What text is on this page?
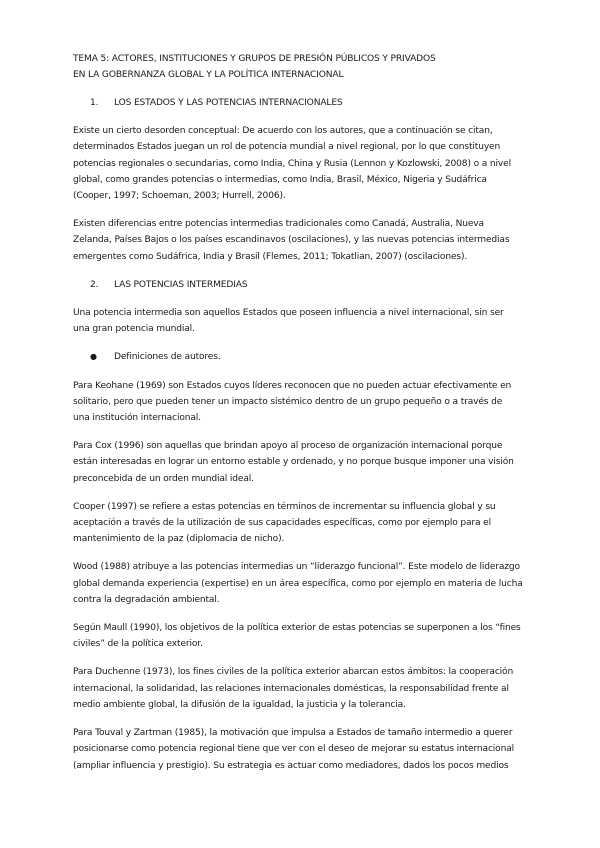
TEMA 5: ACTORES, INSTITUCIONES Y GRUPOS DE PRESIÓN PÚBLICOS Y PRIVADOS
EN LA GOBERNANZA GLOBAL Y LA POLÍTICA INTERNACIONAL
1.	LOS ESTADOS Y LAS POTENCIAS INTERNACIONALES

Existe un cierto desorden conceptual: De acuerdo con los autores, que a continuación se citan,
determinados Estados juegan un rol de potencia mundial a nivel regional, por lo que constituyen
potencias regionales o secundarias, como India, China y Rusia (Lennon y Kozlowski, 2008) o a nivel
global, como grandes potencias o intermedias, como India, Brasil, México, Nigeria y Sudáfrica
(Cooper, 1997; Schoeman, 2003; Hurrell, 2006).

Existen diferencias entre potencias intermedias tradicionales como Canadá, Australia, Nueva
Zelanda, Países Bajos o los países escandinavos (oscilaciones), y las nuevas potencias intermedias
emergentes como Sudáfrica, India y Brasil (Flemes, 2011; Tokatlian, 2007) (oscilaciones).

2.	LAS POTENCIAS INTERMEDIAS

Una potencia intermedia son aquellos Estados que poseen influencia a nivel internacional, sin ser
una gran potencia mundial.

●	Definiciones de autores.

Para Keohane (1969) son Estados cuyos líderes reconocen que no pueden actuar efectivamente en
solitario, pero que pueden tener un impacto sistémico dentro de un grupo pequeño o a través de
una institución internacional.

Para Cox (1996) son aquellas que brindan apoyo al proceso de organización internacional porque
están interesadas en lograr un entorno estable y ordenado, y no porque busque imponer una visión
preconcebida de un orden mundial ideal.

Cooper (1997) se refiere a estas potencias en términos de incrementar su influencia global y su
aceptación a través de la utilización de sus capacidades específicas, como por ejemplo para el
mantenimiento de la paz (diplomacia de nicho).

Wood (1988) atribuye a las potencias intermedias un “liderazgo funcional”. Este modelo de liderazgo
global demanda experiencia (expertise) en un área específica, como por ejemplo en materia de lucha
contra la degradación ambiental.

Según Maull (1990), los objetivos de la política exterior de estas potencias se superponen a los “fines
civiles” de la política exterior.

Para Duchenne (1973), los fines civiles de la política exterior abarcan estos ámbitos: la cooperación
internacional, la solidaridad, las relaciones internacionales domésticas, la responsabilidad frente al
medio ambiente global, la difusión de la igualdad, la justicia y la tolerancia.

Para Touval y Zartman (1985), la motivación que impulsa a Estados de tamaño intermedio a querer
posicionarse como potencia regional tiene que ver con el deseo de mejorar su estatus internacional
(ampliar influencia y prestigio). Su estrategia es actuar como mediadores, dados los pocos medios
